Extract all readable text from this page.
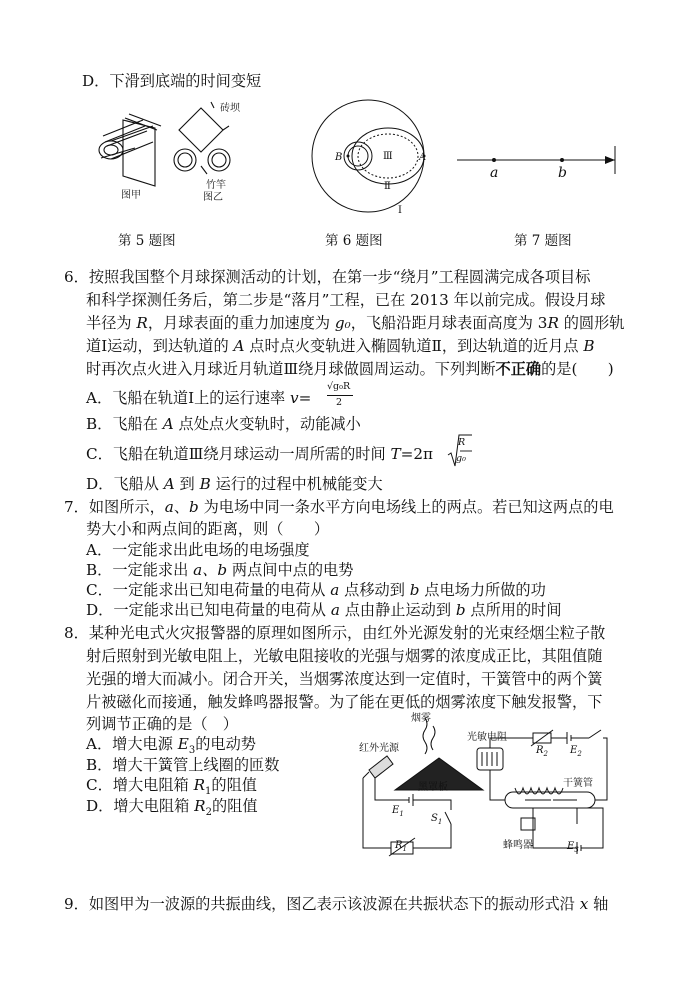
D．下滑到底端的时间变短
砖坝
竹竿
图甲	图乙
第 5 题图
B	A
Ⅲ
Ⅱ
Ⅰ
第 6 题图
a	b
第 7 题图
6．按照我国整个月球探测活动的计划，在第一步“绕月”工程圆满完成各项目标
和科学探测任务后，第二步是“落月”工程，已在 2013 年以前完成。假设月球
半径为 R，月球表面的重力加速度为 g₀，飞船沿距月球表面高度为 3R 的圆形轨
道Ⅰ运动，到达轨道的 A 点时点火变轨进入椭圆轨道Ⅱ，到达轨道的近月点 B
时再次点火进入月球近月轨道Ⅲ绕月球做圆周运动。下列判断不正确的是(　　)
A．飞船在轨道Ⅰ上的运行速率 v=
√g₀R
2
B．飞船在 A 点处点火变轨时，动能减小
C．飞船在轨道Ⅲ绕月球运动一周所需的时间 T=2π
R
g₀
D．飞船从 A 到 B 运行的过程中机械能变大
7．如图所示，a、b 为电场中同一条水平方向电场线上的两点。若已知这两点的电
势大小和两点间的距离，则（　　）
A．一定能求出此电场的电场强度
B．一定能求出 a、b 两点间中点的电势
C．一定能求出已知电荷量的电荷从 a 点移动到 b 点电场力所做的功
D．一定能求出已知电荷量的电荷从 a 点由静止运动到 b 点所用的时间
8．某种光电式火灾报警器的原理如图所示，由红外光源发射的光束经烟尘粒子散
射后照射到光敏电阻上，光敏电阻接收的光强与烟雾的浓度成正比，其阻值随
光强的增大而减小。闭合开关，当烟雾浓度达到一定值时，干簧管中的两个簧
片被磁化而接通，触发蜂鸣器报警。为了能在更低的烟雾浓度下触发报警，下
列调节正确的是（　）
A．增大电源 $E_3$的电动势
B．增大干簧管上线圈的匝数
C．增大电阻箱 $R_1$的阻值
D．增大电阻箱 $R_2$的阻值
烟雾
红外光源
光敏电阻
黑罩板	干簧管
蜂鸣器
$R_2$ $E_2$
$E_1$	$S_1$
$R_1$	$E_3$
9．如图甲为一波源的共振曲线，图乙表示该波源在共振状态下的振动形式沿 x 轴
